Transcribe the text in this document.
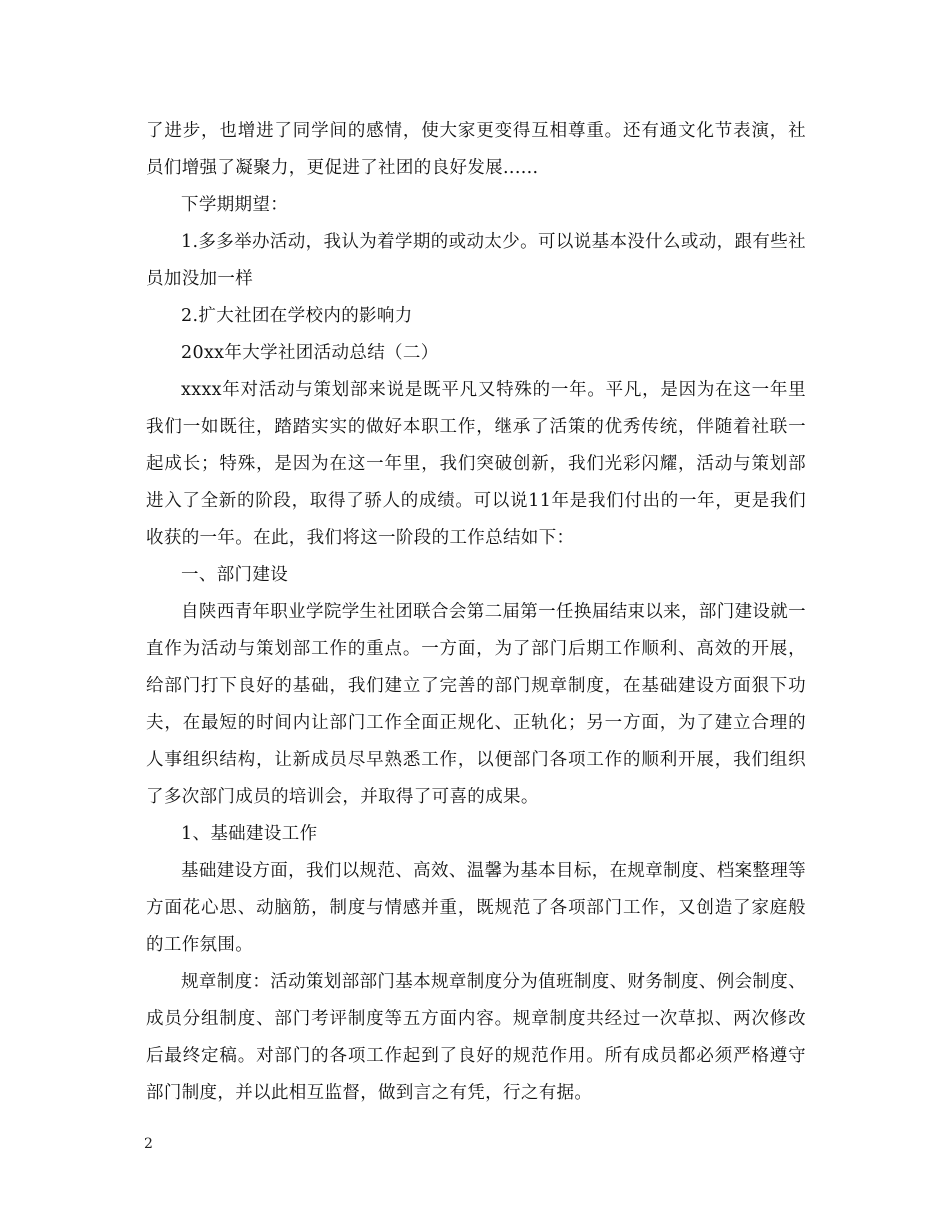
了进步，也增进了同学间的感情，使大家更变得互相尊重。还有通文化节表演，社员们增强了凝聚力，更促进了社团的良好发展......

下学期期望：

1.多多举办活动，我认为着学期的或动太少。可以说基本没什么或动，跟有些社员加没加一样

2.扩大社团在学校内的影响力

20xx年大学社团活动总结（二）

xxxx年对活动与策划部来说是既平凡又特殊的一年。平凡，是因为在这一年里我们一如既往，踏踏实实的做好本职工作，继承了活策的优秀传统，伴随着社联一起成长；特殊，是因为在这一年里，我们突破创新，我们光彩闪耀，活动与策划部进入了全新的阶段，取得了骄人的成绩。可以说11年是我们付出的一年，更是我们收获的一年。在此，我们将这一阶段的工作总结如下：

一、部门建设

自陕西青年职业学院学生社团联合会第二届第一任换届结束以来，部门建设就一直作为活动与策划部工作的重点。一方面，为了部门后期工作顺利、高效的开展，给部门打下良好的基础，我们建立了完善的部门规章制度，在基础建设方面狠下功夫，在最短的时间内让部门工作全面正规化、正轨化；另一方面，为了建立合理的人事组织结构，让新成员尽早熟悉工作，以便部门各项工作的顺利开展，我们组织了多次部门成员的培训会，并取得了可喜的成果。

1、基础建设工作

基础建设方面，我们以规范、高效、温馨为基本目标，在规章制度、档案整理等方面花心思、动脑筋，制度与情感并重，既规范了各项部门工作，又创造了家庭般的工作氛围。

规章制度：活动策划部部门基本规章制度分为值班制度、财务制度、例会制度、成员分组制度、部门考评制度等五方面内容。规章制度共经过一次草拟、两次修改后最终定稿。对部门的各项工作起到了良好的规范作用。所有成员都必须严格遵守部门制度，并以此相互监督，做到言之有凭，行之有据。

2
